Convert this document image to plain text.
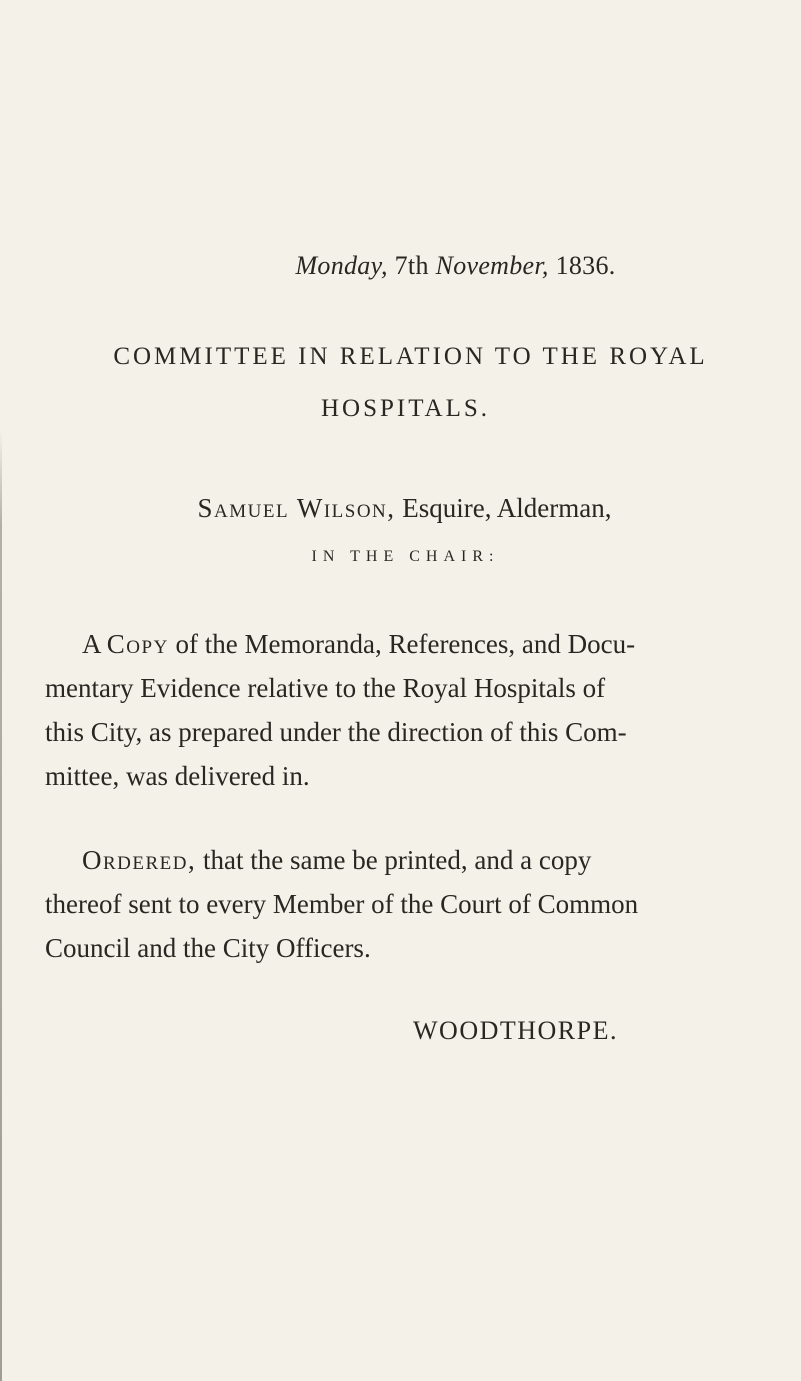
Monday, 7th November, 1836.
COMMITTEE IN RELATION TO THE ROYAL
HOSPITALS.
Samuel Wilson, Esquire, Alderman,
IN THE CHAIR:
A Copy of the Memoranda, References, and Docu-
mentary Evidence relative to the Royal Hospitals of
this City, as prepared under the direction of this Com-
mittee, was delivered in.
Ordered, that the same be printed, and a copy
thereof sent to every Member of the Court of Common
Council and the City Officers.
WOODTHORPE.
